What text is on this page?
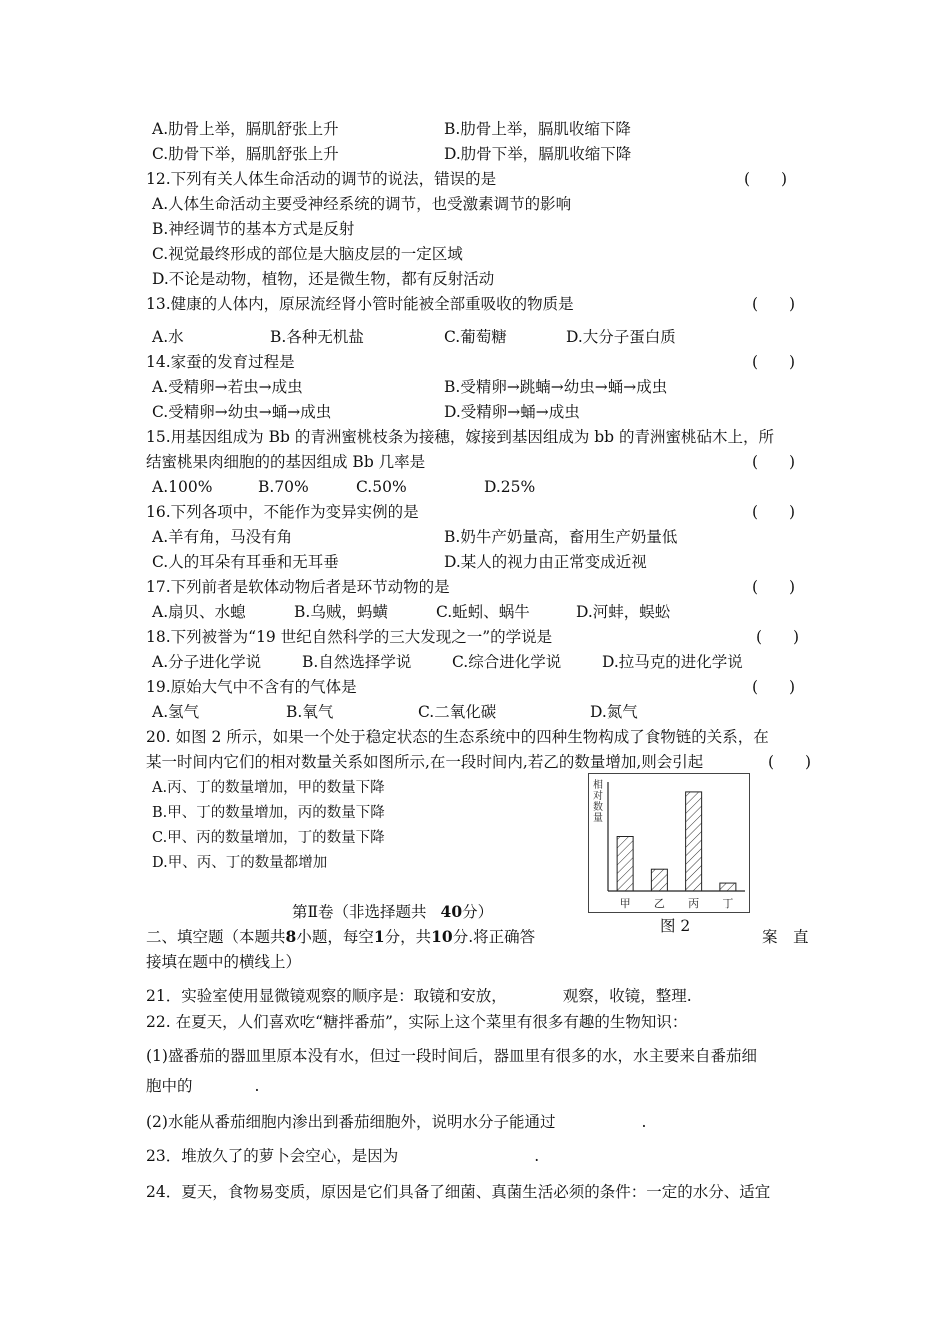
A.肋骨上举，膈肌舒张上升	B.肋骨上举，膈肌收缩下降
C.肋骨下举，膈肌舒张上升	D.肋骨下举，膈肌收缩下降
12.下列有关人体生命活动的调节的说法，错误的是	(　　)
A.人体生命活动主要受神经系统的调节，也受激素调节的影响
B.神经调节的基本方式是反射
C.视觉最终形成的部位是大脑皮层的一定区域
D.不论是动物，植物，还是微生物，都有反射活动
13.健康的人体内，原尿流经肾小管时能被全部重吸收的物质是	(　　)
A.水	B.各种无机盐	C.葡萄糖	D.大分子蛋白质
14.家蚕的发育过程是	(　　)
A.受精卵→若虫→成虫	B.受精卵→跳蝻→幼虫→蛹→成虫
C.受精卵→幼虫→蛹→成虫	D.受精卵→蛹→成虫
15.用基因组成为 Bb 的青洲蜜桃枝条为接穗，嫁接到基因组成为 bb 的青洲蜜桃砧木上，所
结蜜桃果肉细胞的的基因组成 Bb 几率是	(　　)
A.100%	B.70%	C.50%	D.25%
16.下列各项中，不能作为变异实例的是	(　　)
A.羊有角，马没有角	B.奶牛产奶量高，畜用生产奶量低
C.人的耳朵有耳垂和无耳垂	D.某人的视力由正常变成近视
17.下列前者是软体动物后者是环节动物的是	(　　)
A.扇贝、水螅	B.乌贼，蚂蟥	C.蚯蚓、蜗牛	D.河蚌，蜈蚣
18.下列被誉为“19 世纪自然科学的三大发现之一”的学说是	(　　)
A.分子进化学说	B.自然选择学说	C.综合进化学说	D.拉马克的进化学说
19.原始大气中不含有的气体是	(　　)
A.氢气	B.氧气	C.二氧化碳	D.氮气
20. 如图 2 所示，如果一个处于稳定状态的生态系统中的四种生物构成了食物链的关系，在
某一时间内它们的相对数量关系如图所示,在一段时间内,若乙的数量增加,则会引起	(　　)
A.丙、丁的数量增加，甲的数量下降
B.甲、丁的数量增加，丙的数量下降
C.甲、丙的数量增加，丁的数量下降
D.甲、丙、丁的数量都增加
相
对
数
量
甲 乙 丙 丁
图 2
第Ⅱ卷（非选择题共 40分）
二、填空题（本题共8小题，每空1分，共10分.将正确答	案　直
接填在题中的横线上）
21．实验室使用显微镜观察的顺序是：取镜和安放，	观察，收镜，整理.
22. 在夏天，人们喜欢吃“糖拌番茄”，实际上这个菜里有很多有趣的生物知识：
(1)盛番茄的器皿里原本没有水，但过一段时间后，器皿里有很多的水，水主要来自番茄细
胞中的	.
(2)水能从番茄细胞内渗出到番茄细胞外，说明水分子能通过	.
23．堆放久了的萝卜会空心，是因为	.
24．夏天，食物易变质，原因是它们具备了细菌、真菌生活必须的条件：一定的水分、适宜
